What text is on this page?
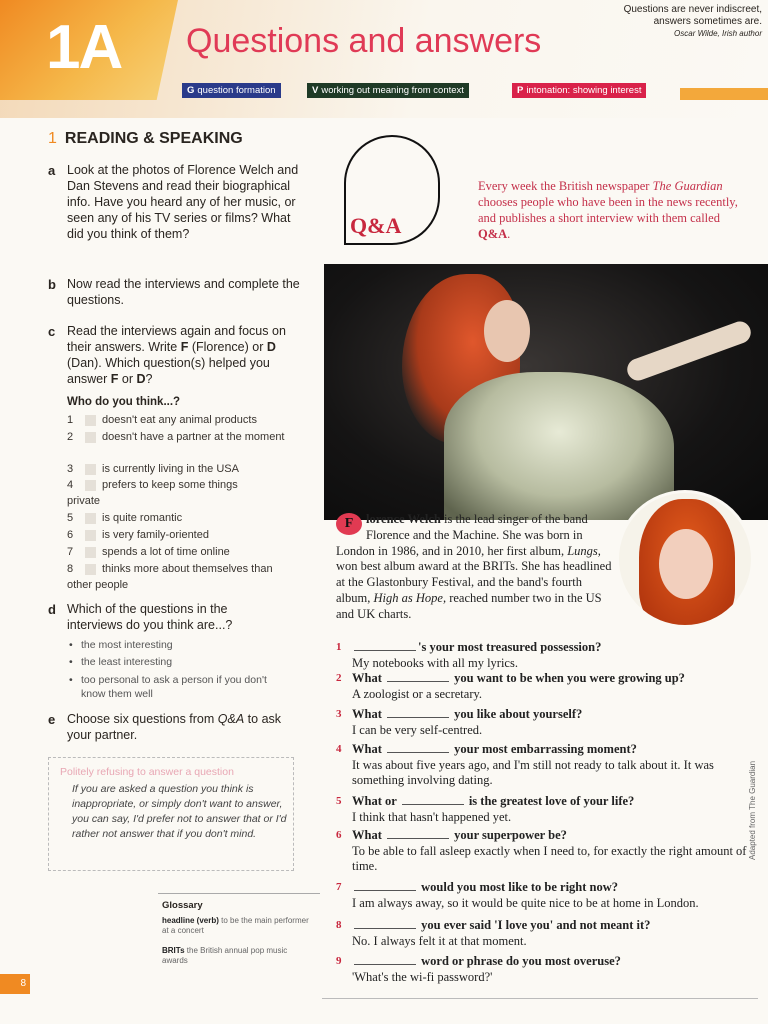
1A Questions and answers
Questions are never indiscreet,
answers sometimes are.
Oscar Wilde, Irish author
G question formation	V working out meaning from context	P intonation: showing interest
1 READING & SPEAKING
a Look at the photos of Florence Welch and Dan Stevens and read their biographical info. Have you heard any of her music, or seen any of his TV series or films? What did you think of them?
b Now read the interviews and complete the questions.
c Read the interviews again and focus on their answers. Write F (Florence) or D (Dan). Which question(s) helped you answer F or D?
Who do you think...?
1	doesn't eat any animal products
2	doesn't have a partner at the moment
3	is currently living in the USA
4	prefers to keep some things private
5	is quite romantic
6	is very family-oriented
7	spends a lot of time online
8	thinks more about themselves than other people
d Which of the questions in the interviews do you think are...?
• the most interesting
• the least interesting
• too personal to ask a person if you don't know them well
e Choose six questions from Q&A to ask your partner.
Politely refusing to answer a question
If you are asked a question you think is inappropriate, or simply don't want to answer, you can say, I'd prefer not to answer that or I'd rather not answer that if you don't mind.
Glossary
headline (verb) to be the main performer at a concert
BRITs the British annual pop music awards
8
Q&A
Every week the British newspaper The Guardian chooses people who have been in the news recently, and publishes a short interview with them called Q&A.
F	lorence Welch is the lead singer of the band Florence and the Machine. She was born in London in 1986, and in 2010, her first album, Lungs, won best album award at the BRITs. She has headlined at the Glastonbury Festival, and the band's fourth album, High as Hope, reached number two in the US and UK charts.
1	's your most treasured possession?
My notebooks with all my lyrics.
2 What	you want to be when you were growing up?
A zoologist or a secretary.
3 What	you like about yourself?
I can be very self-centred.
4 What	your most embarrassing moment?
It was about five years ago, and I'm still not ready to talk about it. It was something involving dating.
5 What or	is the greatest love of your life?
I think that hasn't happened yet.
6 What	your superpower be?
To be able to fall asleep exactly when I need to, for exactly the right amount of time.
7	would you most like to be right now?
I am always away, so it would be quite nice to be at home in London.
8	you ever said 'I love you' and not meant it?
No. I always felt it at that moment.
9	word or phrase do you most overuse?
'What's the wi-fi password?'
Adapted from The Guardian
